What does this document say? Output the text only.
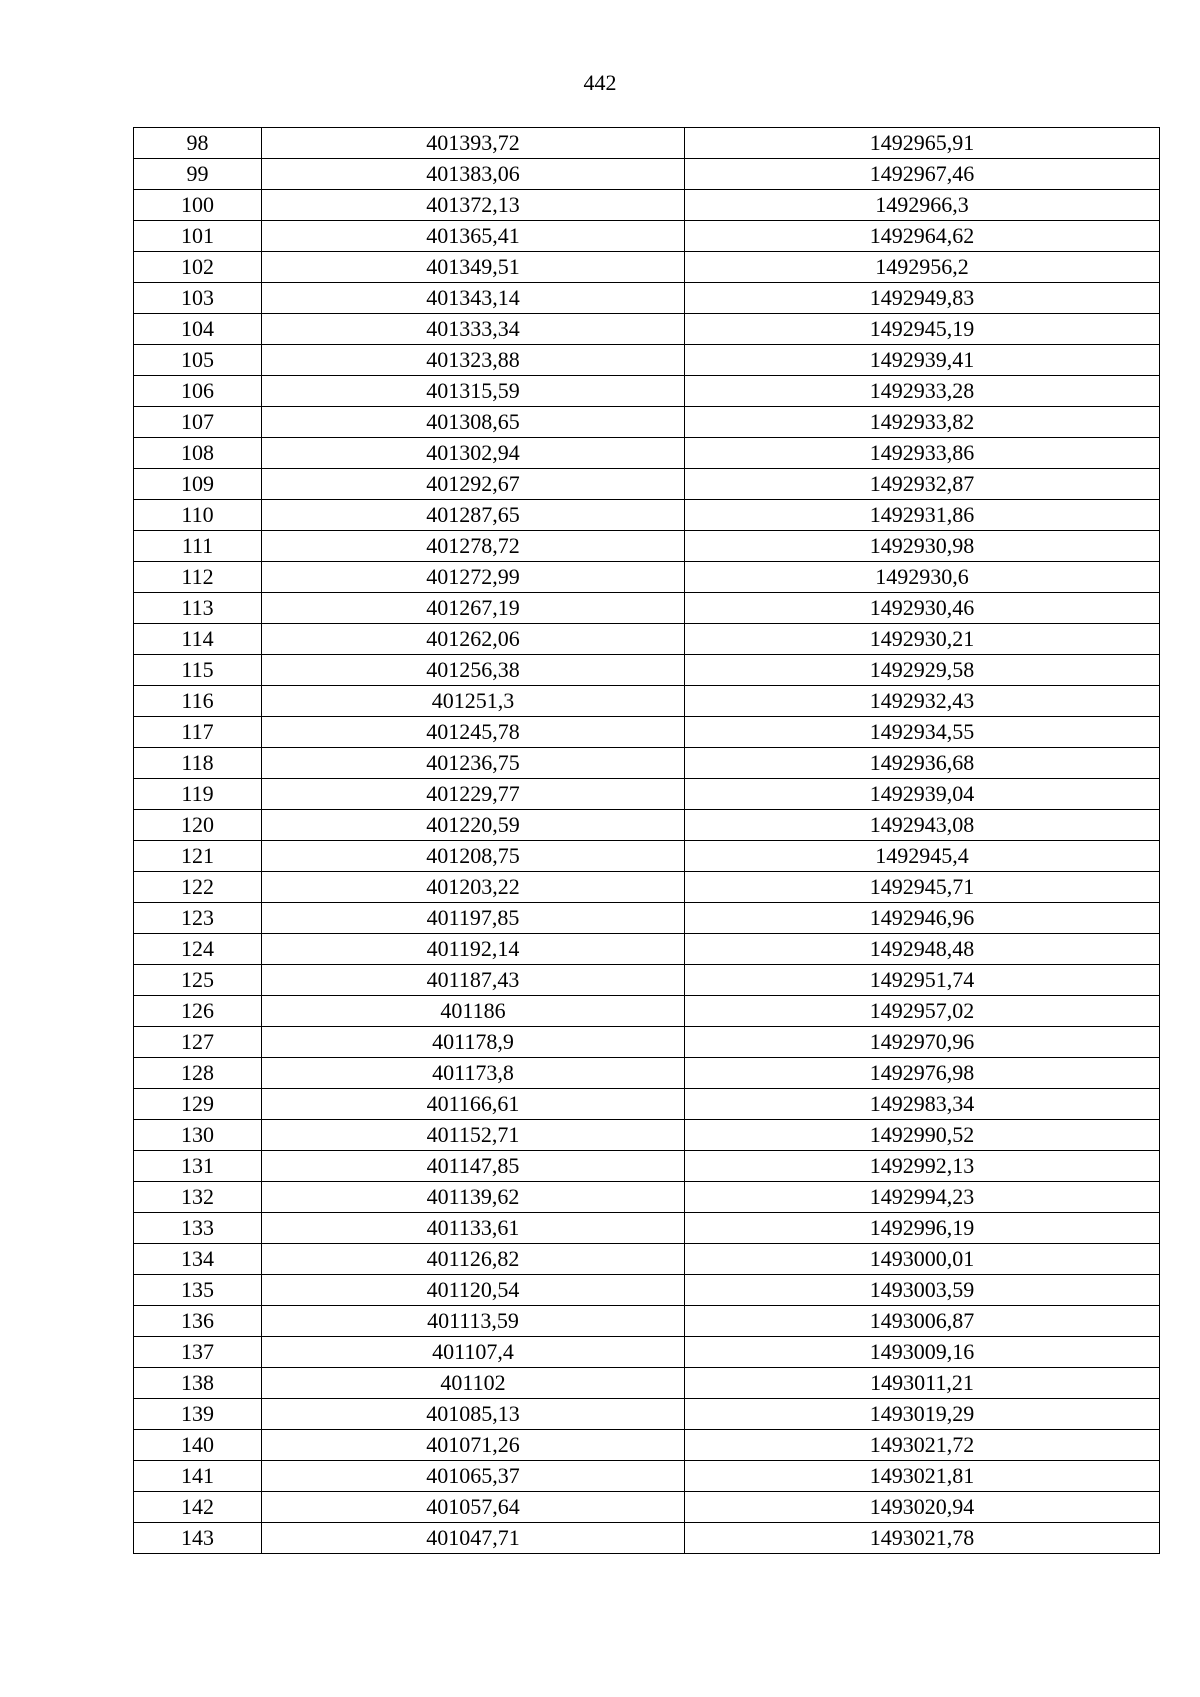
442
98	401393,72	1492965,91
99	401383,06	1492967,46
100	401372,13	1492966,3
101	401365,41	1492964,62
102	401349,51	1492956,2
103	401343,14	1492949,83
104	401333,34	1492945,19
105	401323,88	1492939,41
106	401315,59	1492933,28
107	401308,65	1492933,82
108	401302,94	1492933,86
109	401292,67	1492932,87
110	401287,65	1492931,86
111	401278,72	1492930,98
112	401272,99	1492930,6
113	401267,19	1492930,46
114	401262,06	1492930,21
115	401256,38	1492929,58
116	401251,3	1492932,43
117	401245,78	1492934,55
118	401236,75	1492936,68
119	401229,77	1492939,04
120	401220,59	1492943,08
121	401208,75	1492945,4
122	401203,22	1492945,71
123	401197,85	1492946,96
124	401192,14	1492948,48
125	401187,43	1492951,74
126	401186	1492957,02
127	401178,9	1492970,96
128	401173,8	1492976,98
129	401166,61	1492983,34
130	401152,71	1492990,52
131	401147,85	1492992,13
132	401139,62	1492994,23
133	401133,61	1492996,19
134	401126,82	1493000,01
135	401120,54	1493003,59
136	401113,59	1493006,87
137	401107,4	1493009,16
138	401102	1493011,21
139	401085,13	1493019,29
140	401071,26	1493021,72
141	401065,37	1493021,81
142	401057,64	1493020,94
143	401047,71	1493021,78
